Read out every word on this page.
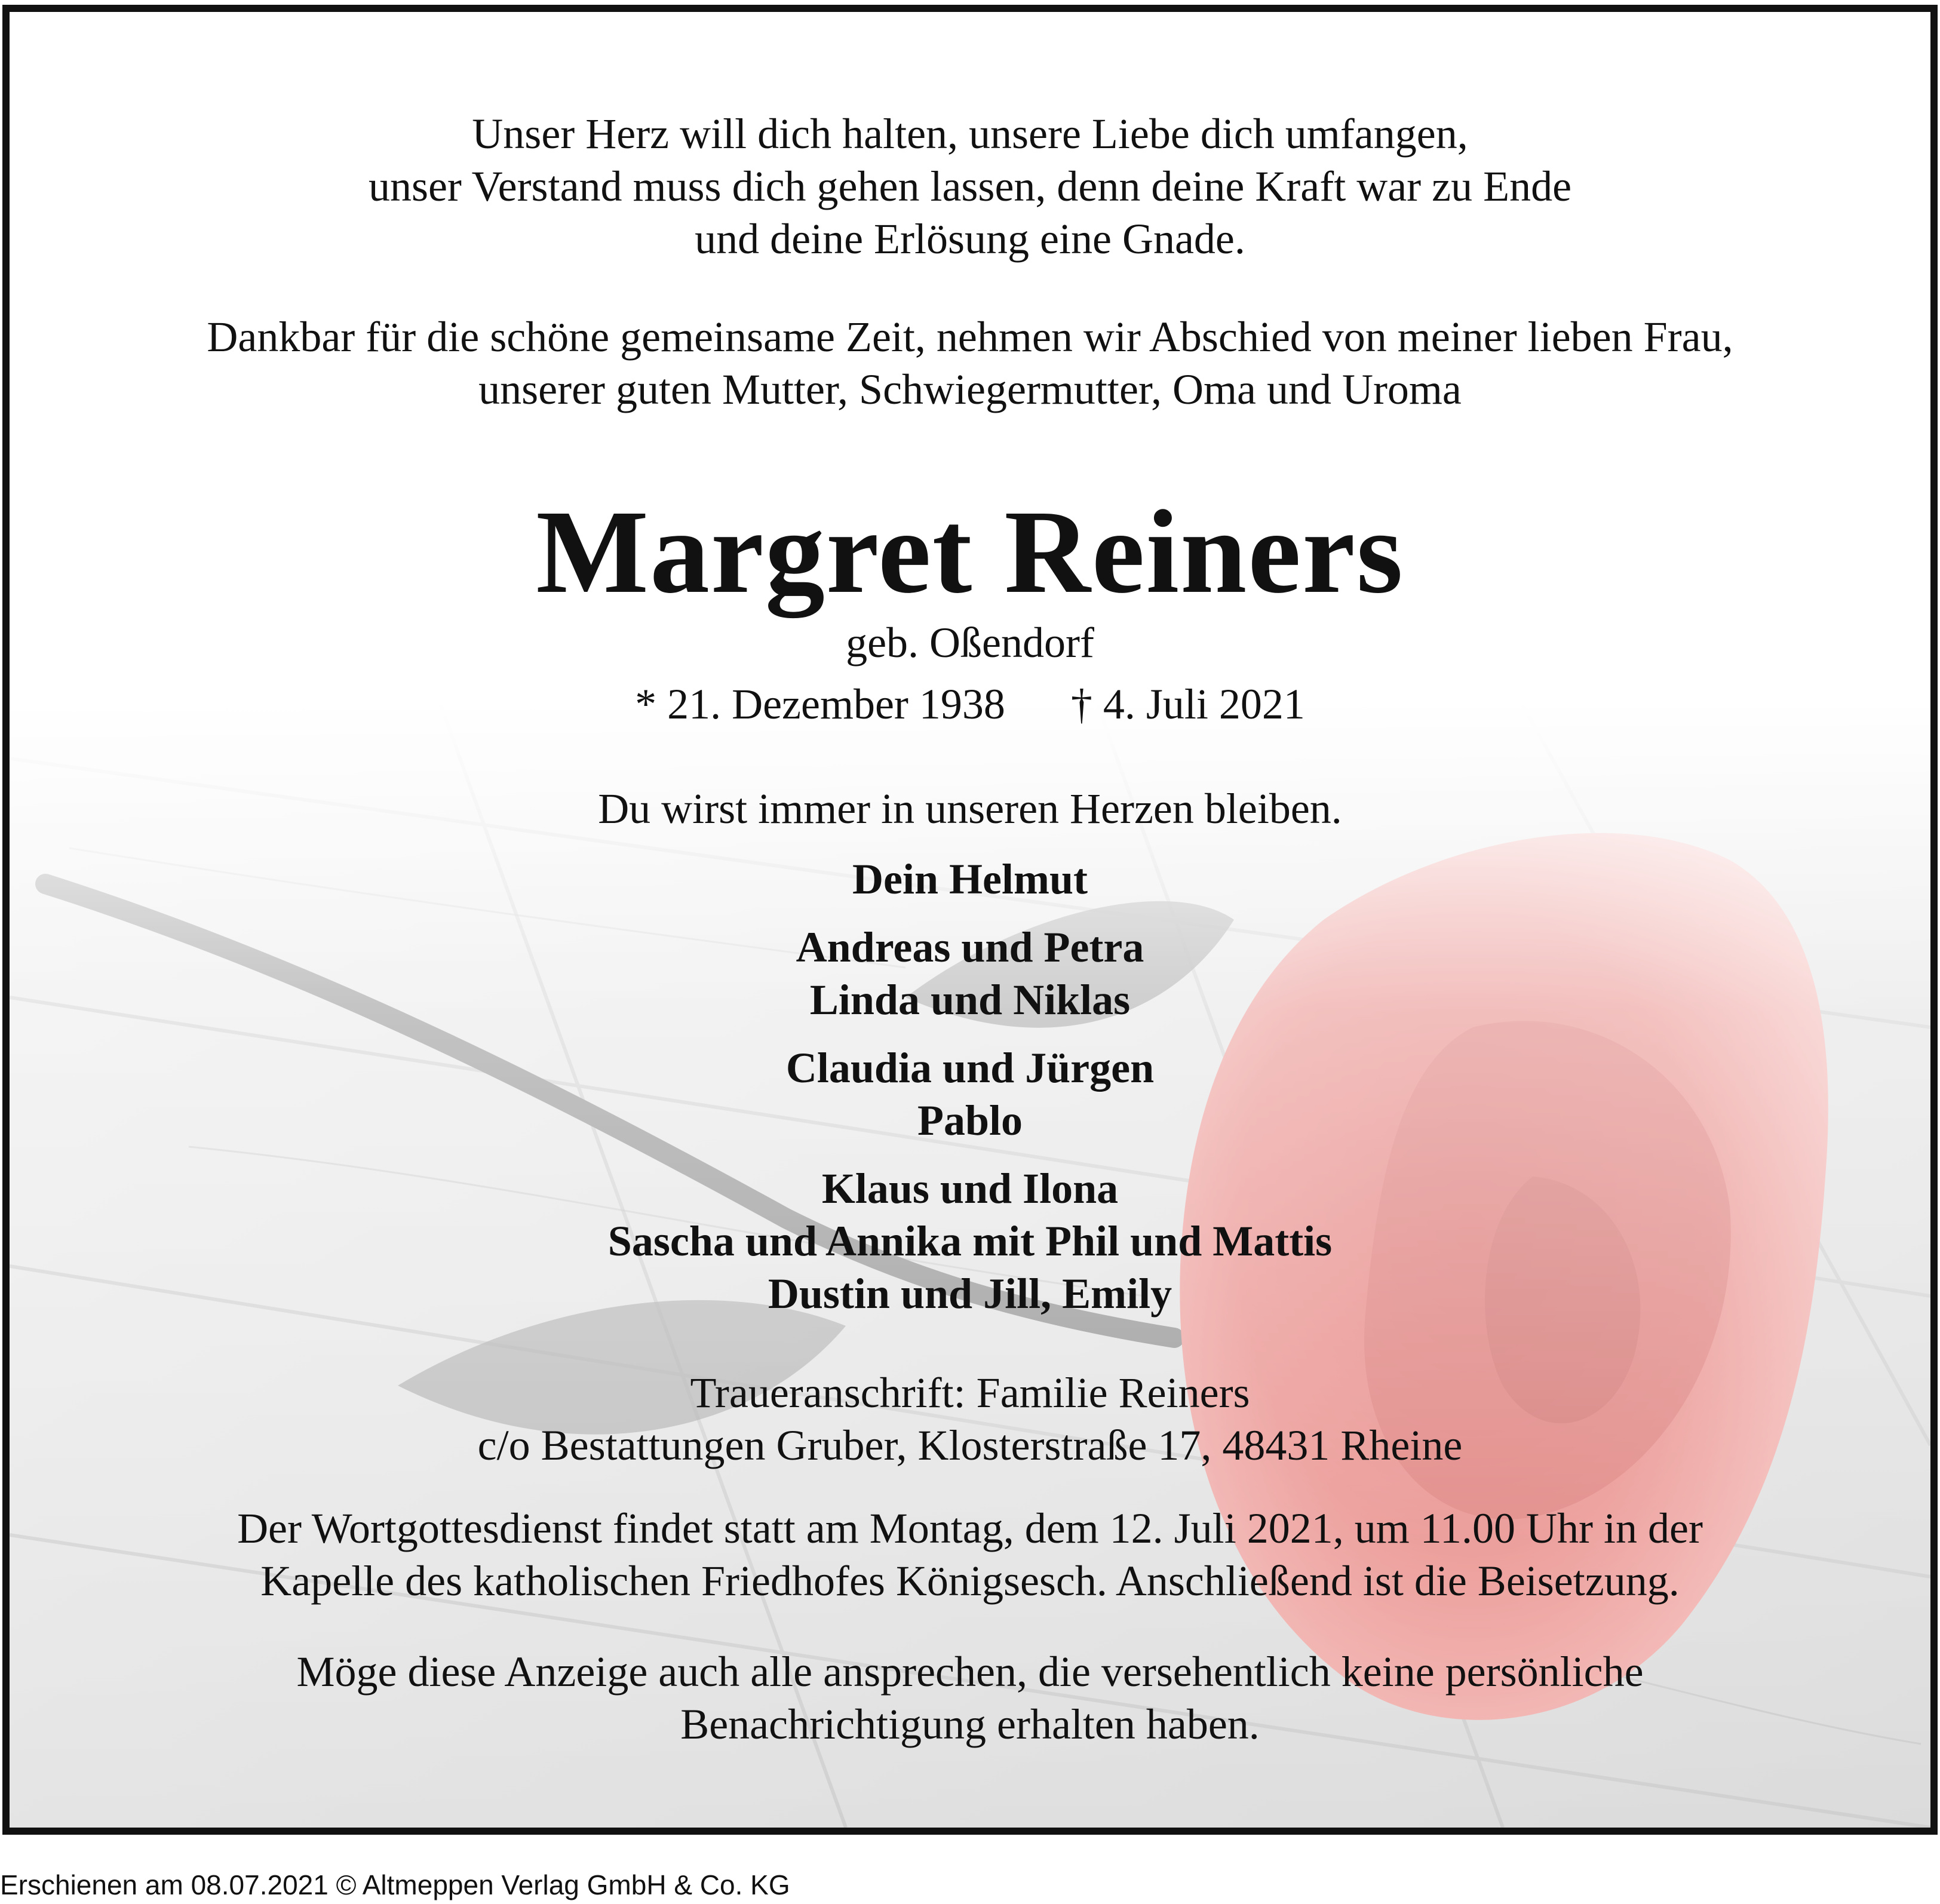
Unser Herz will dich halten, unsere Liebe dich umfangen,
unser Verstand muss dich gehen lassen, denn deine Kraft war zu Ende
und deine Erlösung eine Gnade.
Dankbar für die schöne gemeinsame Zeit, nehmen wir Abschied von meiner lieben Frau,
unserer guten Mutter, Schwiegermutter, Oma und Uroma
Margret Reiners
geb. Oßendorf
* 21. Dezember 1938 † 4. Juli 2021
Du wirst immer in unseren Herzen bleiben.
Dein Helmut
Andreas und Petra
Linda und Niklas
Claudia und Jürgen
Pablo
Klaus und Ilona
Sascha und Annika mit Phil und Mattis
Dustin und Jill, Emily
Traueranschrift: Familie Reiners
c/o Bestattungen Gruber, Klosterstraße 17, 48431 Rheine
Der Wortgottesdienst findet statt am Montag, dem 12. Juli 2021, um 11.00 Uhr in der
Kapelle des katholischen Friedhofes Königsesch. Anschließend ist die Beisetzung.
Möge diese Anzeige auch alle ansprechen, die versehentlich keine persönliche
Benachrichtigung erhalten haben.
Erschienen am 08.07.2021 © Altmeppen Verlag GmbH & Co. KG
